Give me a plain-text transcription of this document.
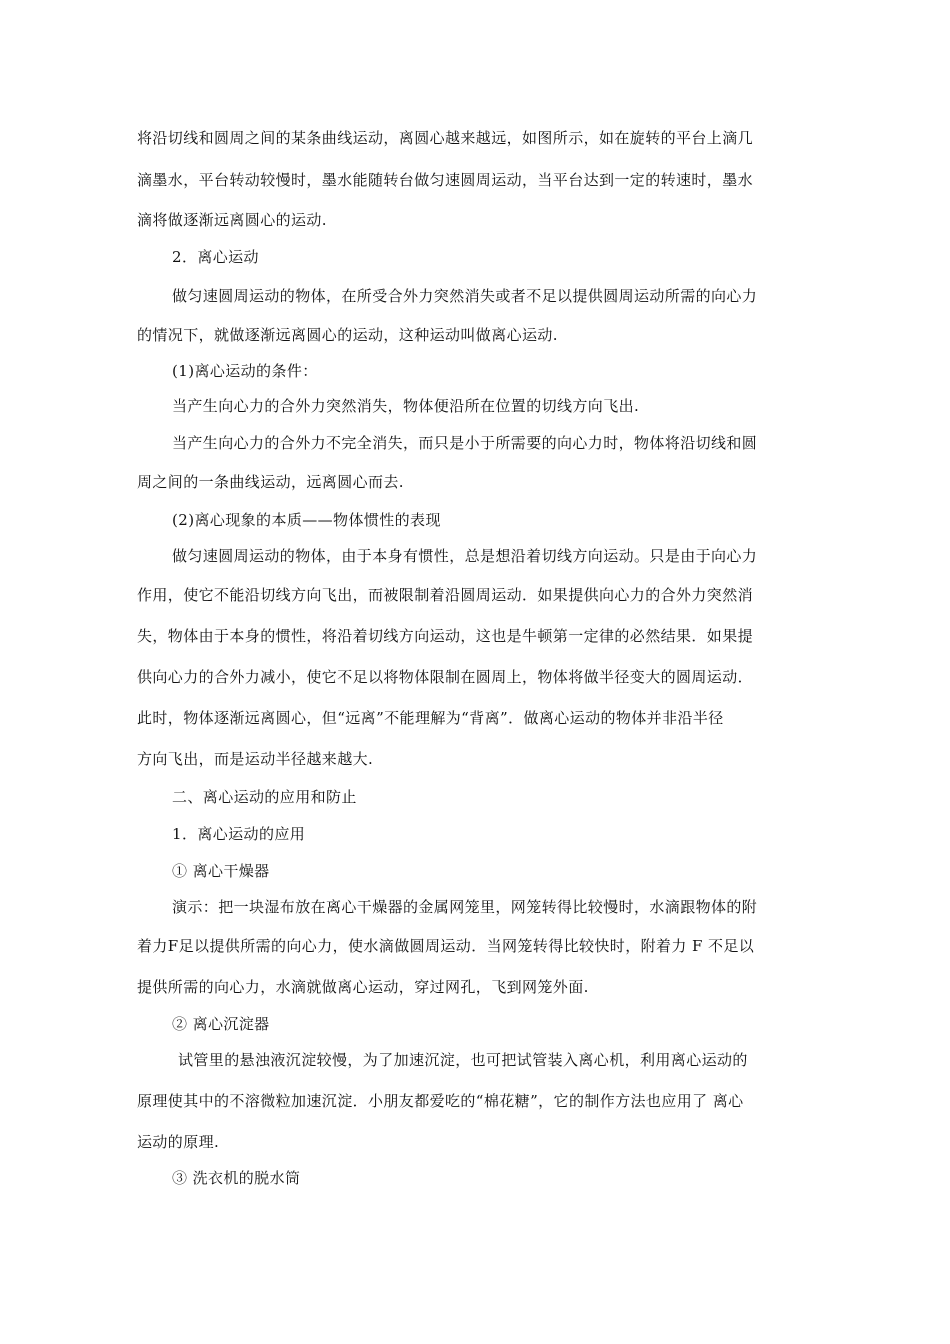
将沿切线和圆周之间的某条曲线运动，离圆心越来越远，如图所示，如在旋转的平台上滴几
滴墨水，平台转动较慢时，墨水能随转台做匀速圆周运动，当平台达到一定的转速时，墨水
滴将做逐渐远离圆心的运动.
2．离心运动
做匀速圆周运动的物体，在所受合外力突然消失或者不足以提供圆周运动所需的向心力
的情况下，就做逐渐远离圆心的运动，这种运动叫做离心运动.
(1)离心运动的条件：
当产生向心力的合外力突然消失，物体便沿所在位置的切线方向飞出.
当产生向心力的合外力不完全消失，而只是小于所需要的向心力时，物体将沿切线和圆
周之间的一条曲线运动，远离圆心而去.
(2)离心现象的本质——物体惯性的表现
做匀速圆周运动的物体，由于本身有惯性，总是想沿着切线方向运动。只是由于向心力
作用，使它不能沿切线方向飞出，而被限制着沿圆周运动．如果提供向心力的合外力突然消
失，物体由于本身的惯性，将沿着切线方向运动，这也是牛顿第一定律的必然结果．如果提
供向心力的合外力减小，使它不足以将物体限制在圆周上，物体将做半径变大的圆周运动．
此时，物体逐渐远离圆心，但“远离”不能理解为“背离”．做离心运动的物体并非沿半径
方向飞出，而是运动半径越来越大.
二、离心运动的应用和防止
1．离心运动的应用
① 离心干燥器
演示：把一块湿布放在离心干燥器的金属网笼里，网笼转得比较慢时，水滴跟物体的附
着力F足以提供所需的向心力，使水滴做圆周运动．当网笼转得比较快时，附着力 F 不足以
提供所需的向心力，水滴就做离心运动，穿过网孔，飞到网笼外面.
② 离心沉淀器
试管里的悬浊液沉淀较慢，为了加速沉淀，也可把试管装入离心机，利用离心运动的
原理使其中的不溶微粒加速沉淀．小朋友都爱吃的“棉花糖”，它的制作方法也应用了 离心
运动的原理.
③ 洗衣机的脱水筒
